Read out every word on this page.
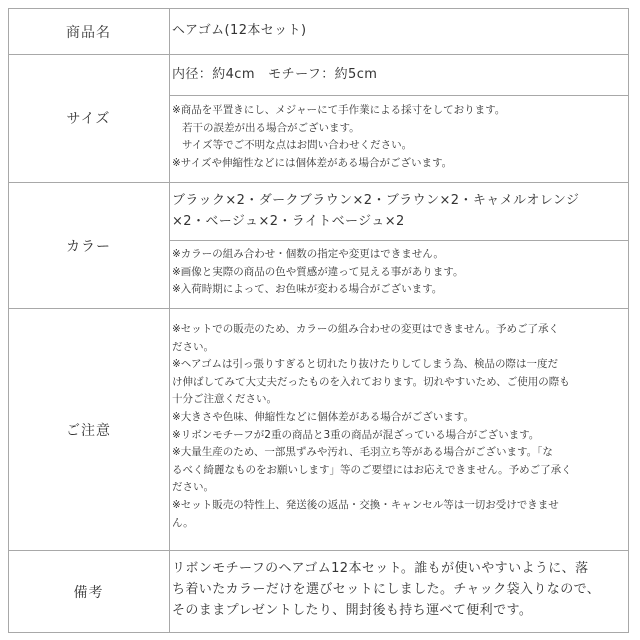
商品名	ヘアゴム(12本セット)
サイズ
内径：約4cm　モチーフ：約5cm
※商品を平置きにし、メジャーにて手作業による採寸をしております。
若干の誤差が出る場合がございます。
サイズ等でご不明な点はお問い合わせください。
※サイズや伸縮性などには個体差がある場合がございます。
カラー
ブラック×2・ダークブラウン×2・ブラウン×2・キャメルオレンジ
×2・ベージュ×2・ライトベージュ×2
※カラーの組み合わせ・個数の指定や変更はできません。
※画像と実際の商品の色や質感が違って見える事があります。
※入荷時期によって、お色味が変わる場合がございます。
ご注意
※セットでの販売のため、カラーの組み合わせの変更はできません。予めご了承く
ださい。
※ヘアゴムは引っ張りすぎると切れたり抜けたりしてしまう為、検品の際は一度だ
け伸ばしてみて大丈夫だったものを入れております。切れやすいため、ご使用の際も
十分ご注意ください。
※大きさや色味、伸縮性などに個体差がある場合がございます。
※リボンモチーフが2重の商品と3重の商品が混ざっている場合がございます。
※大量生産のため、一部黒ずみや汚れ、毛羽立ち等がある場合がございます。「な
るべく綺麗なものをお願いします」等のご要望にはお応えできません。予めご了承く
ださい。
※セット販売の特性上、発送後の返品・交換・キャンセル等は一切お受けできませ
ん。
備考
リボンモチーフのヘアゴム12本セット。誰もが使いやすいように、落
ち着いたカラーだけを選びセットにしました。チャック袋入りなので、
そのままプレゼントしたり、開封後も持ち運べて便利です。
